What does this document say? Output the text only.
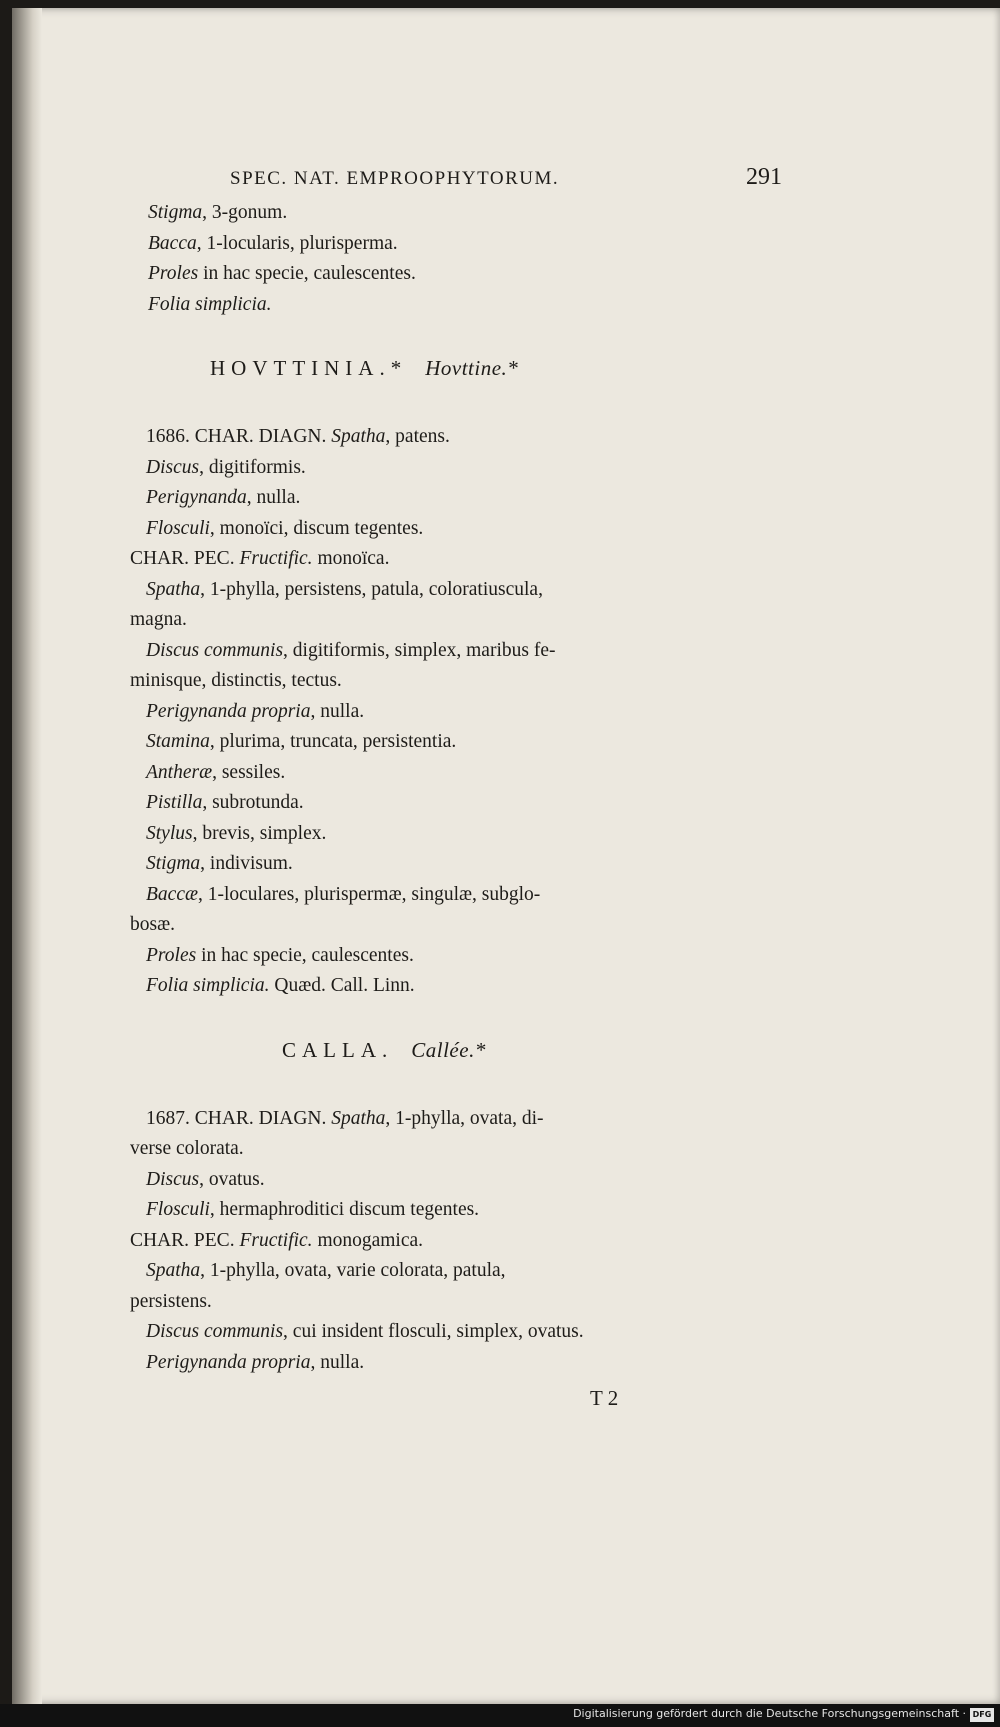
SPEC. NAT. EMPROOPHYTORUM.	291
Stigma, 3-gonum.
Bacca, 1-locularis, plurisperma.
Proles in hac specie, caulescentes.
Folia simplicia.
HOVTTINIA.* Hovttine.*
1686. CHAR. DIAGN. Spatha, patens.
Discus, digitiformis.
Perigynanda, nulla.
Flosculi, monoïci, discum tegentes.
CHAR. PEC. Fructific. monoïca.
Spatha, 1-phylla, persistens, patula, coloratiuscula,
magna.
Discus communis, digitiformis, simplex, maribus fe-
minisque, distinctis, tectus.
Perigynanda propria, nulla.
Stamina, plurima, truncata, persistentia.
Antheræ, sessiles.
Pistilla, subrotunda.
Stylus, brevis, simplex.
Stigma, indivisum.
Baccæ, 1-loculares, plurispermæ, singulæ, subglo-
bosæ.
Proles in hac specie, caulescentes.
Folia simplicia. Quæd. Call. Linn.
CALLA. Callée.*
1687. CHAR. DIAGN. Spatha, 1-phylla, ovata, di-
verse colorata.
Discus, ovatus.
Flosculi, hermaphroditici discum tegentes.
CHAR. PEC. Fructific. monogamica.
Spatha, 1-phylla, ovata, varie colorata, patula,
persistens.
Discus communis, cui insident flosculi, simplex, ovatus.
Perigynanda propria, nulla.
T 2
Digitalisierung gefördert durch die Deutsche Forschungsgemeinschaft · DFG
